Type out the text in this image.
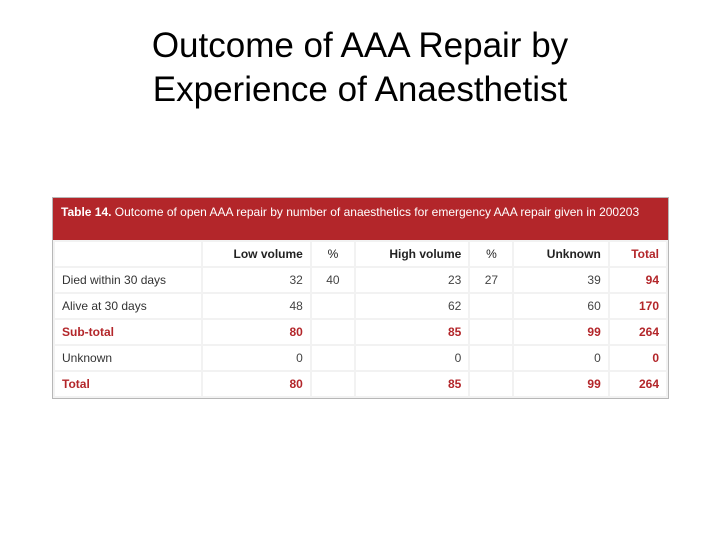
Outcome of AAA Repair by
Experience of Anaesthetist
Table 14. Outcome of open AAA repair by number of anaesthetics for emergency AAA repair given in 200203
	Low volume	%	High volume	%	Unknown	Total
Died within 30 days	32	40	23	27	39	94
Alive at 30 days	48		62		60	170
Sub-total	80		85		99	264
Unknown	0		0		0	0
Total	80		85		99	264
